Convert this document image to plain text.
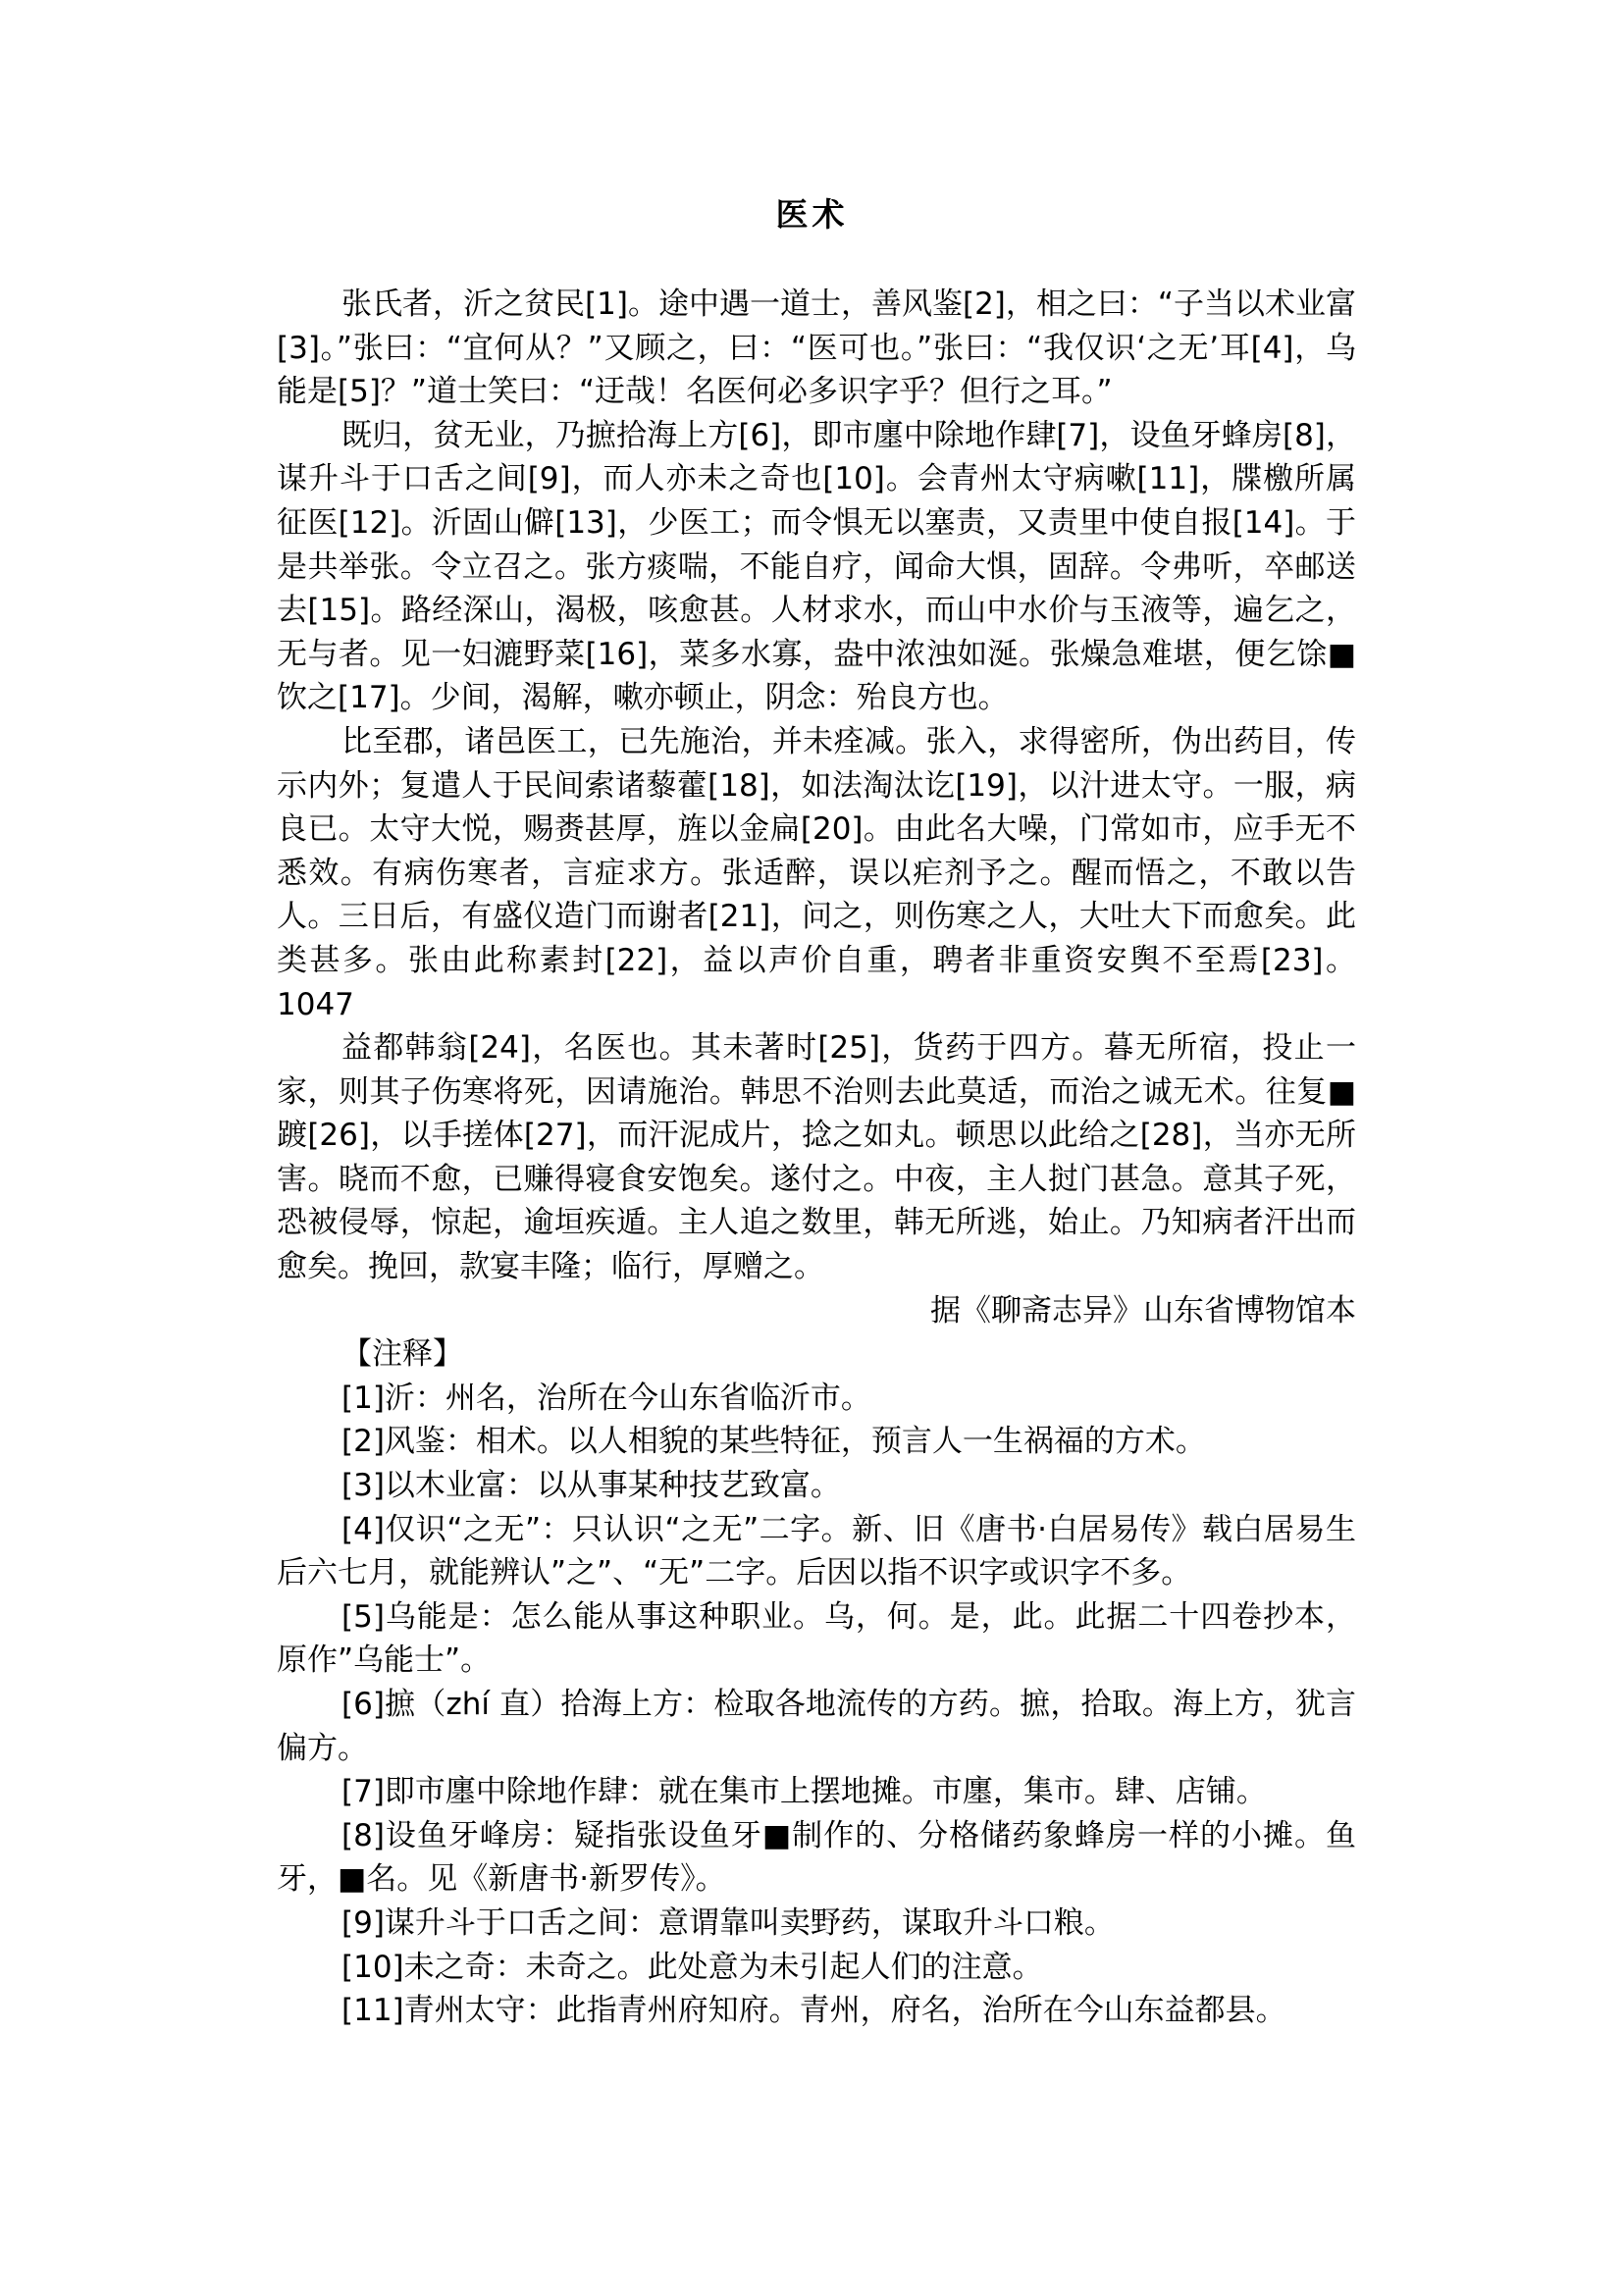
医术

张氏者，沂之贫民[1]。途中遇一道士，善风鉴[2]，相之曰：“子当以术业富[3]。”张曰：“宜何从？”又顾之，曰：“医可也。”张曰：“我仅识‘之无’耳[4]，乌能是[5]？”道士笑曰：“迂哉！名医何必多识字乎？但行之耳。”

既归，贫无业，乃摭拾海上方[6]，即市廛中除地作肆[7]，设鱼牙蜂房[8]，谋升斗于口舌之间[9]，而人亦未之奇也[10]。会青州太守病嗽[11]，牒檄所属征医[12]。沂固山僻[13]，少医工；而令惧无以塞责，又责里中使自报[14]。于是共举张。令立召之。张方痰喘，不能自疗，闻命大惧，固辞。令弗听，卒邮送去[15]。路经深山，渴极，咳愈甚。人材求水，而山中水价与玉液等，遍乞之，无与者。见一妇漉野菜[16]，菜多水寡，盎中浓浊如涎。张燥急难堪，便乞馀■饮之[17]。少间，渴解，嗽亦顿止，阴念：殆良方也。

比至郡，诸邑医工，已先施治，并未痊减。张入，求得密所，伪出药目，传示内外；复遣人于民间索诸藜藿[18]，如法淘汰讫[19]，以汁进太守。一服，病良已。太守大悦，赐赉甚厚，旌以金扁[20]。由此名大噪，门常如市，应手无不悉效。有病伤寒者，言症求方。张适醉，误以疟剂予之。醒而悟之，不敢以告人。三日后，有盛仪造门而谢者[21]，问之，则伤寒之人，大吐大下而愈矣。此类甚多。张由此称素封[22]，益以声价自重，聘者非重资安舆不至焉[23]。1047

益都韩翁[24]，名医也。其未著时[25]，货药于四方。暮无所宿，投止一家，则其子伤寒将死，因请施治。韩思不治则去此莫适，而治之诚无术。往复■踱[26]，以手搓体[27]，而汗泥成片，捻之如丸。顿思以此给之[28]，当亦无所害。晓而不愈，已赚得寝食安饱矣。遂付之。中夜，主人挝门甚急。意其子死，恐被侵辱，惊起，逾垣疾遁。主人追之数里，韩无所逃，始止。乃知病者汗出而愈矣。挽回，款宴丰隆；临行，厚赠之。

据《聊斋志异》山东省博物馆本

【注释】

[1]沂：州名，治所在今山东省临沂市。

[2]风鉴：相术。以人相貌的某些特征，预言人一生祸福的方术。

[3]以木业富：以从事某种技艺致富。

[4]仅识“之无”：只认识“之无”二字。新、旧《唐书·白居易传》载白居易生后六七月，就能辨认”之”、“无”二字。后因以指不识字或识字不多。

[5]乌能是：怎么能从事这种职业。乌，何。是，此。此据二十四卷抄本，原作”乌能士”。

[6]摭（zhí 直）拾海上方：检取各地流传的方药。摭，拾取。海上方，犹言偏方。

[7]即市廛中除地作肆：就在集市上摆地摊。市廛，集市。肆、店铺。

[8]设鱼牙峰房：疑指张设鱼牙■制作的、分格储药象蜂房一样的小摊。鱼牙，■名。见《新唐书·新罗传》。

[9]谋升斗于口舌之间：意谓靠叫卖野药，谋取升斗口粮。

[10]未之奇：未奇之。此处意为未引起人们的注意。

[11]青州太守：此指青州府知府。青州，府名，治所在今山东益都县。
